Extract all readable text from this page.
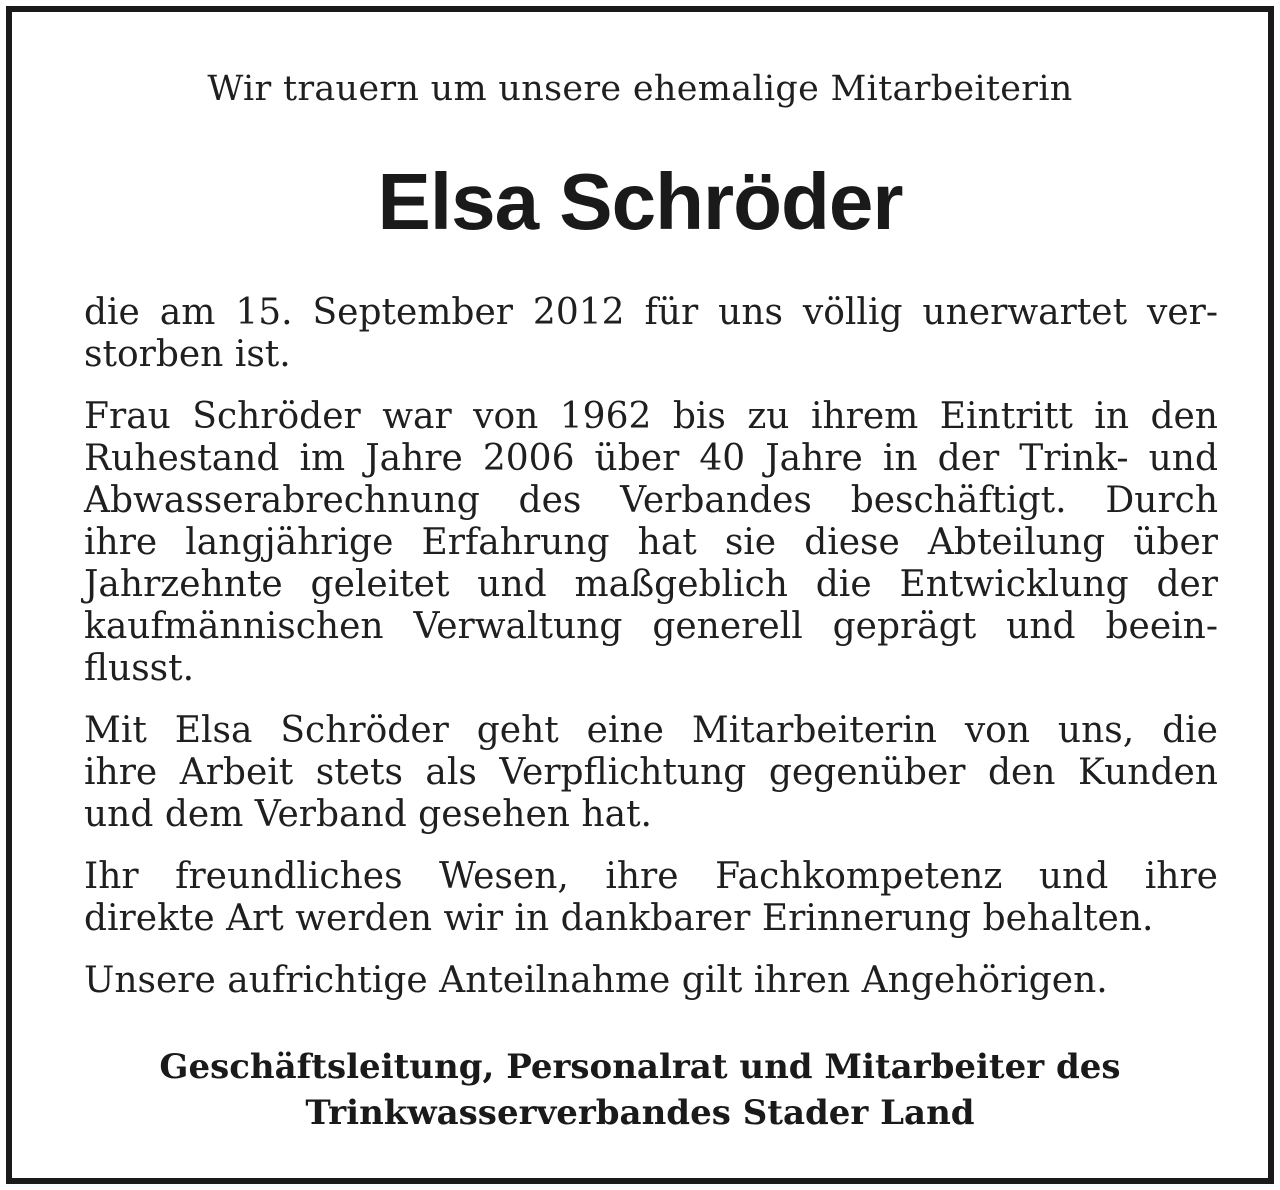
Wir trauern um unsere ehemalige Mitarbeiterin
Elsa Schröder
die am 15. September 2012 für uns völlig unerwartet ver-
storben ist.
Frau Schröder war von 1962 bis zu ihrem Eintritt in den
Ruhestand im Jahre 2006 über 40 Jahre in der Trink- und
Abwasserabrechnung des Verbandes beschäftigt. Durch
ihre langjährige Erfahrung hat sie diese Abteilung über
Jahrzehnte geleitet und maßgeblich die Entwicklung der
kaufmännischen Verwaltung generell geprägt und beein-
flusst.
Mit Elsa Schröder geht eine Mitarbeiterin von uns, die
ihre Arbeit stets als Verpflichtung gegenüber den Kunden
und dem Verband gesehen hat.
Ihr freundliches Wesen, ihre Fachkompetenz und ihre
direkte Art werden wir in dankbarer Erinnerung behalten.
Unsere aufrichtige Anteilnahme gilt ihren Angehörigen.
Geschäftsleitung, Personalrat und Mitarbeiter des
Trinkwasserverbandes Stader Land
